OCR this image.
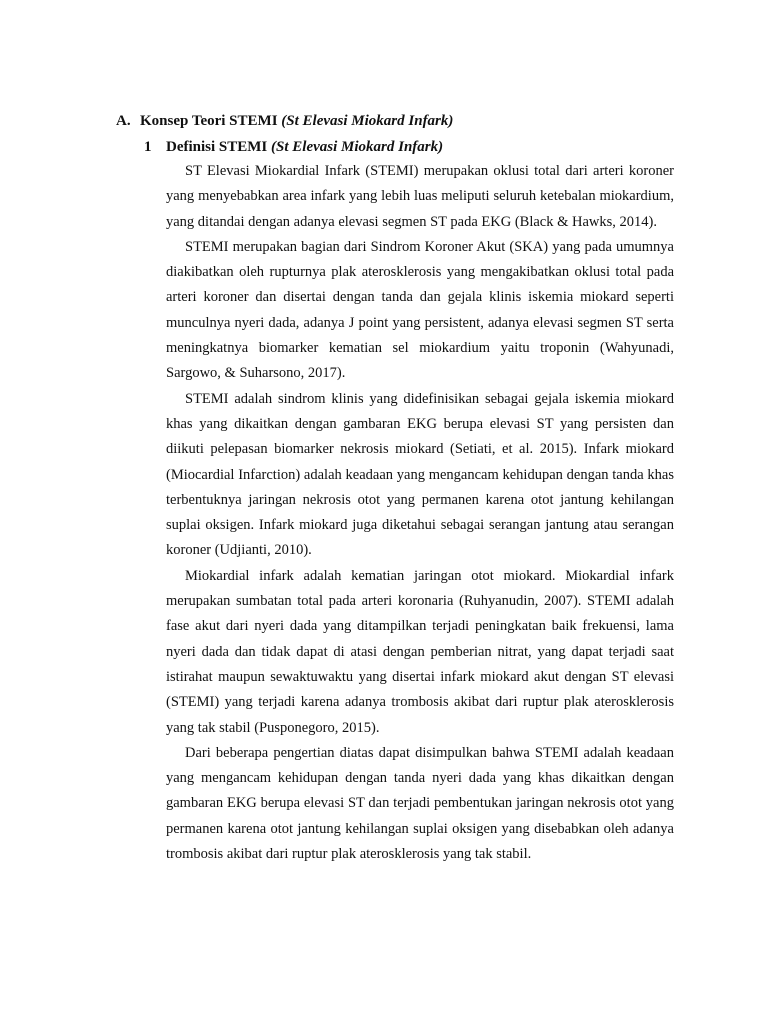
A. Konsep Teori STEMI (St Elevasi Miokard Infark)
1 Definisi STEMI (St Elevasi Miokard Infark)

ST Elevasi Miokardial Infark (STEMI) merupakan oklusi total dari arteri koroner yang menyebabkan area infark yang lebih luas meliputi seluruh ketebalan miokardium, yang ditandai dengan adanya elevasi segmen ST pada EKG (Black & Hawks, 2014).

STEMI merupakan bagian dari Sindrom Koroner Akut (SKA) yang pada umumnya diakibatkan oleh rupturnya plak aterosklerosis yang mengakibatkan oklusi total pada arteri koroner dan disertai dengan tanda dan gejala klinis iskemia miokard seperti munculnya nyeri dada, adanya J point yang persistent, adanya elevasi segmen ST serta meningkatnya biomarker kematian sel miokardium yaitu troponin (Wahyunadi, Sargowo, & Suharsono, 2017).

STEMI adalah sindrom klinis yang didefinisikan sebagai gejala iskemia miokard khas yang dikaitkan dengan gambaran EKG berupa elevasi ST yang persisten dan diikuti pelepasan biomarker nekrosis miokard (Setiati, et al. 2015). Infark miokard (Miocardial Infarction) adalah keadaan yang mengancam kehidupan dengan tanda khas terbentuknya jaringan nekrosis otot yang permanen karena otot jantung kehilangan suplai oksigen. Infark miokard juga diketahui sebagai serangan jantung atau serangan koroner (Udjianti, 2010).

Miokardial infark adalah kematian jaringan otot miokard. Miokardial infark merupakan sumbatan total pada arteri koronaria (Ruhyanudin, 2007). STEMI adalah fase akut dari nyeri dada yang ditampilkan terjadi peningkatan baik frekuensi, lama nyeri dada dan tidak dapat di atasi dengan pemberian nitrat, yang dapat terjadi saat istirahat maupun sewaktuwaktu yang disertai infark miokard akut dengan ST elevasi (STEMI) yang terjadi karena adanya trombosis akibat dari ruptur plak aterosklerosis yang tak stabil (Pusponegoro, 2015).

Dari beberapa pengertian diatas dapat disimpulkan bahwa STEMI adalah keadaan yang mengancam kehidupan dengan tanda nyeri dada yang khas dikaitkan dengan gambaran EKG berupa elevasi ST dan terjadi pembentukan jaringan nekrosis otot yang permanen karena otot jantung kehilangan suplai oksigen yang disebabkan oleh adanya trombosis akibat dari ruptur plak aterosklerosis yang tak stabil.
